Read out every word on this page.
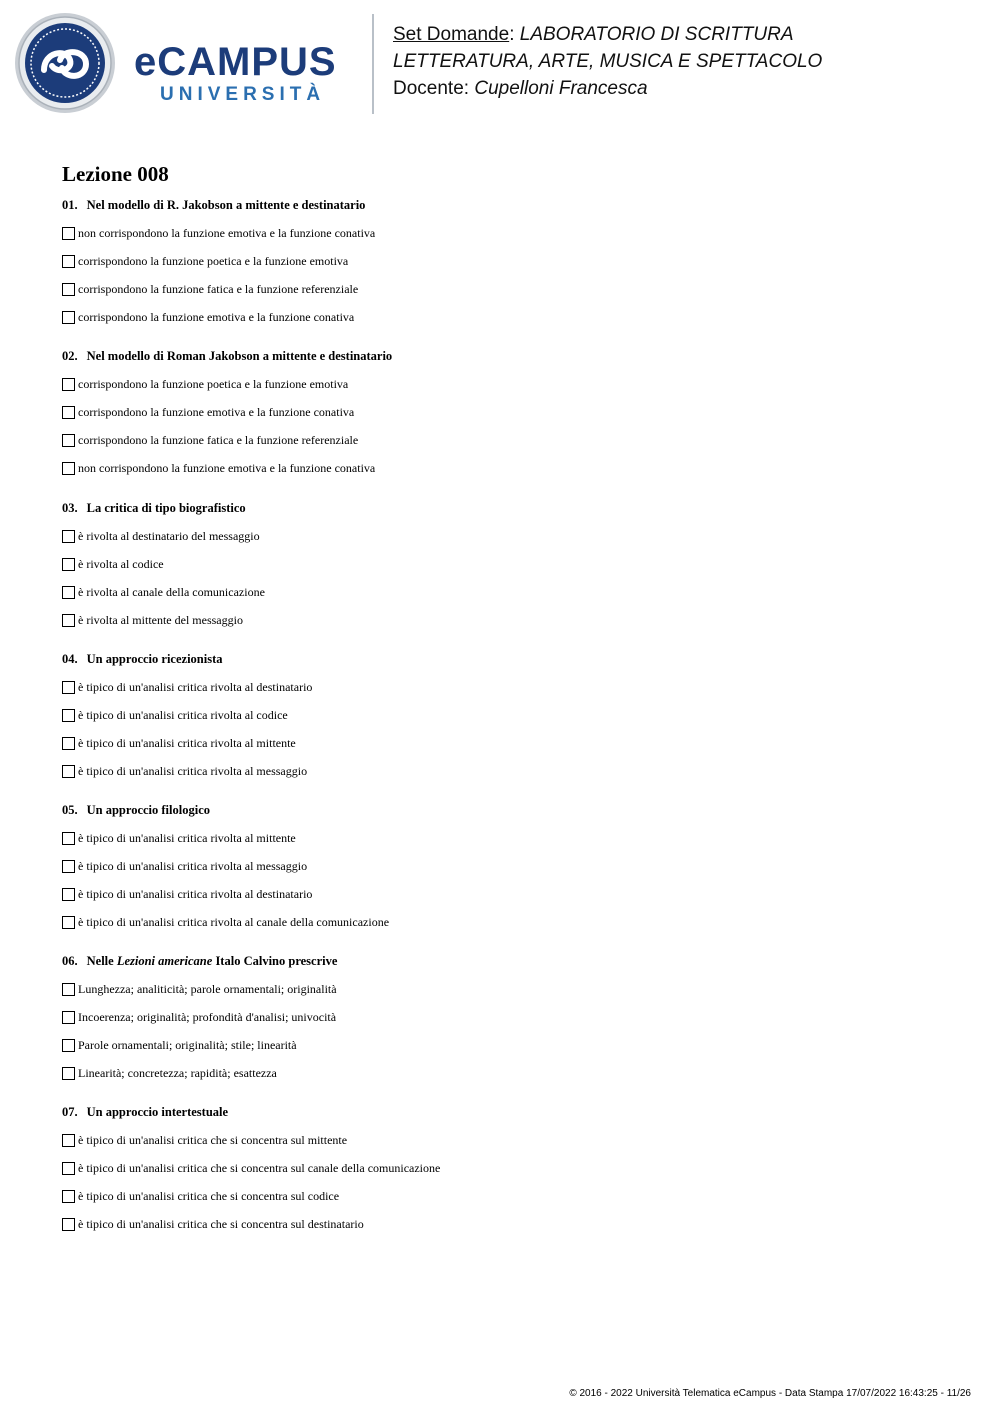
eCAMPUS
UNIVERSITÀ
Set Domande: LABORATORIO DI SCRITTURA
LETTERATURA, ARTE, MUSICA E SPETTACOLO
Docente: Cupelloni Francesca
Lezione 008

01. Nel modello di R. Jakobson a mittente e destinatario

non corrispondono la funzione emotiva e la funzione conativa
corrispondono la funzione poetica e la funzione emotiva
corrispondono la funzione fatica e la funzione referenziale
corrispondono la funzione emotiva e la funzione conativa

02. Nel modello di Roman Jakobson a mittente e destinatario

corrispondono la funzione poetica e la funzione emotiva
corrispondono la funzione emotiva e la funzione conativa
corrispondono la funzione fatica e la funzione referenziale
non corrispondono la funzione emotiva e la funzione conativa

03. La critica di tipo biografistico

è rivolta al destinatario del messaggio
è rivolta al codice
è rivolta al canale della comunicazione
è rivolta al mittente del messaggio

04. Un approccio ricezionista

è tipico di un'analisi critica rivolta al destinatario
è tipico di un'analisi critica rivolta al codice
è tipico di un'analisi critica rivolta al mittente
è tipico di un'analisi critica rivolta al messaggio

05. Un approccio filologico

è tipico di un'analisi critica rivolta al mittente
è tipico di un'analisi critica rivolta al messaggio
è tipico di un'analisi critica rivolta al destinatario
è tipico di un'analisi critica rivolta al canale della comunicazione

06. Nelle Lezioni americane Italo Calvino prescrive

Lunghezza; analiticità; parole ornamentali; originalità
Incoerenza; originalità; profondità d'analisi; univocità
Parole ornamentali; originalità; stile; linearità
Linearità; concretezza; rapidità; esattezza

07. Un approccio intertestuale

è tipico di un'analisi critica che si concentra sul mittente
è tipico di un'analisi critica che si concentra sul canale della comunicazione
è tipico di un'analisi critica che si concentra sul codice
è tipico di un'analisi critica che si concentra sul destinatario
© 2016 - 2022 Università Telematica eCampus - Data Stampa 17/07/2022 16:43:25 - 11/26
